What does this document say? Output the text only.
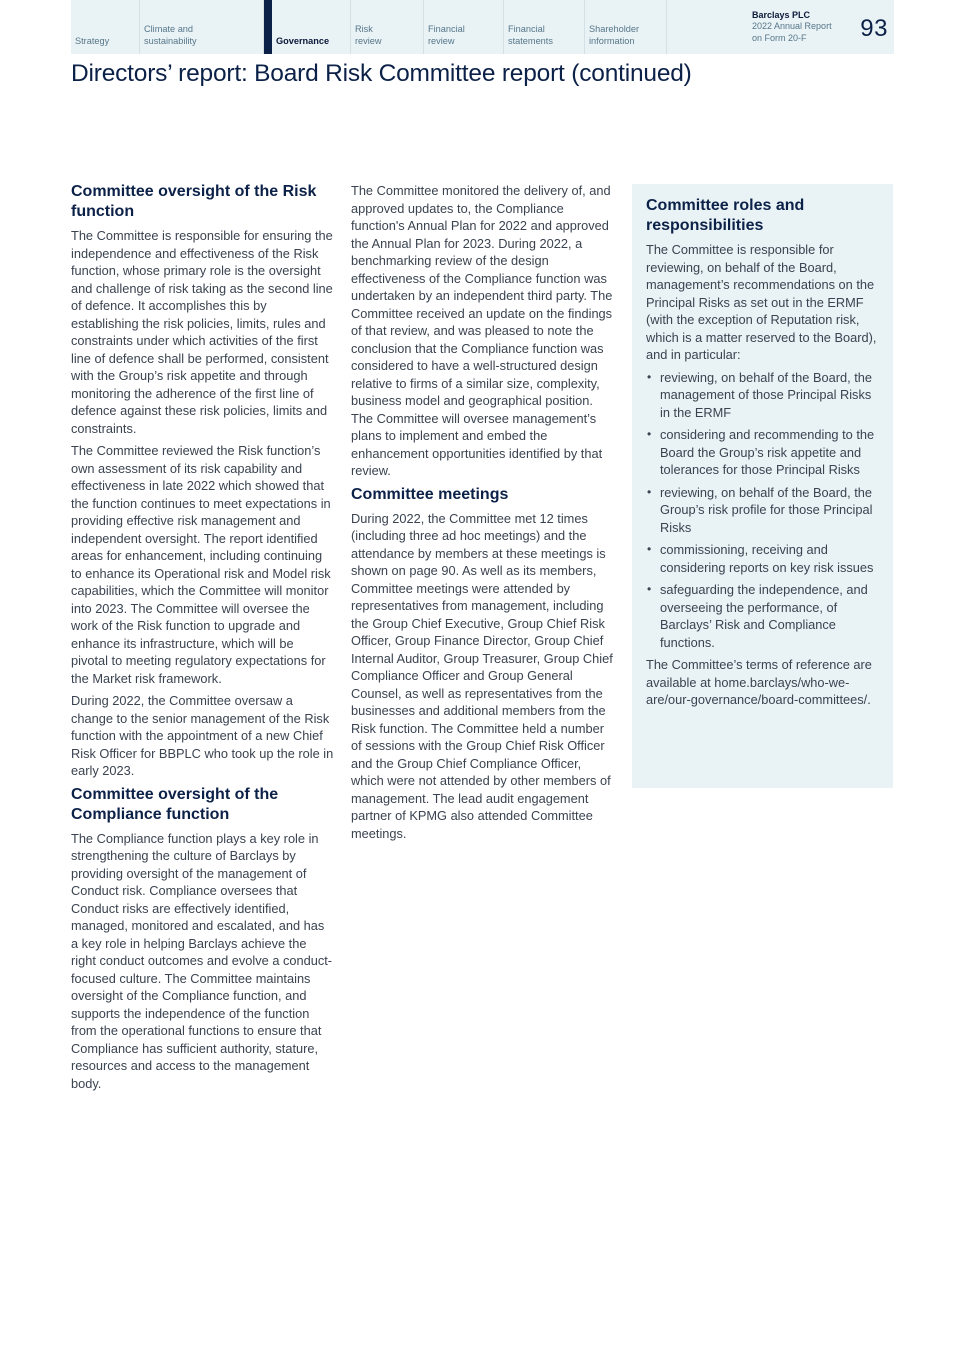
Strategy
Climate and
sustainability	Governance
Risk
review
Financial
review
Financial
statements
Shareholder
information
Barclays PLC
2022 Annual Report
on Form 20-F	93
Directors’ report: Board Risk Committee report (continued)
Committee oversight of the Risk function

The Committee is responsible for ensuring the independence and effectiveness of the Risk function, whose primary role is the oversight and challenge of risk taking as the second line of defence. It accomplishes this by establishing the risk policies, limits, rules and constraints under which activities of the first line of defence shall be performed, consistent with the Group’s risk appetite and through monitoring the adherence of the first line of defence against these risk policies, limits and constraints.

The Committee reviewed the Risk function’s own assessment of its risk capability and effectiveness in late 2022 which showed that the function continues to meet expectations in providing effective risk management and independent oversight. The report identified areas for enhancement, including continuing to enhance its Operational risk and Model risk capabilities, which the Committee will monitor into 2023. The Committee will oversee the work of the Risk function to upgrade and enhance its infrastructure, which will be pivotal to meeting regulatory expectations for the Market risk framework.

During 2022, the Committee oversaw a change to the senior management of the Risk function with the appointment of a new Chief Risk Officer for BBPLC who took up the role in early 2023.

Committee oversight of the Compliance function

The Compliance function plays a key role in strengthening the culture of Barclays by providing oversight of the management of Conduct risk. Compliance oversees that Conduct risks are effectively identified, managed, monitored and escalated, and has a key role in helping Barclays achieve the right conduct outcomes and evolve a conduct-focused culture. The Committee maintains oversight of the Compliance function, and supports the independence of the function from the operational functions to ensure that Compliance has sufficient authority, stature, resources and access to the management body.

The Committee monitored the delivery of, and approved updates to, the Compliance function's Annual Plan for 2022 and approved the Annual Plan for 2023. During 2022, a benchmarking review of the design effectiveness of the Compliance function was undertaken by an independent third party. The Committee received an update on the findings of that review, and was pleased to note the conclusion that the Compliance function was considered to have a well-structured design relative to firms of a similar size, complexity, business model and geographical position. The Committee will oversee management’s plans to implement and embed the enhancement opportunities identified by that review.

Committee meetings

During 2022, the Committee met 12 times (including three ad hoc meetings) and the attendance by members at these meetings is shown on page 90. As well as its members, Committee meetings were attended by representatives from management, including the Group Chief Executive, Group Chief Risk Officer, Group Finance Director, Group Chief Internal Auditor, Group Treasurer, Group Chief Compliance Officer and Group General Counsel, as well as representatives from the businesses and additional members from the Risk function. The Committee held a number of sessions with the Group Chief Risk Officer and the Group Chief Compliance Officer, which were not attended by other members of management. The lead audit engagement partner of KPMG also attended Committee meetings.

Committee roles and responsibilities

The Committee is responsible for reviewing, on behalf of the Board, management’s recommendations on the Principal Risks as set out in the ERMF (with the exception of Reputation risk, which is a matter reserved to the Board), and in particular:

• reviewing, on behalf of the Board, the management of those Principal Risks in the ERMF
• considering and recommending to the Board the Group’s risk appetite and tolerances for those Principal Risks
• reviewing, on behalf of the Board, the Group’s risk profile for those Principal Risks
• commissioning, receiving and considering reports on key risk issues
• safeguarding the independence, and overseeing the performance, of Barclays’ Risk and Compliance functions.

The Committee’s terms of reference are available at home.barclays/who-we-are/our-governance/board-committees/.
